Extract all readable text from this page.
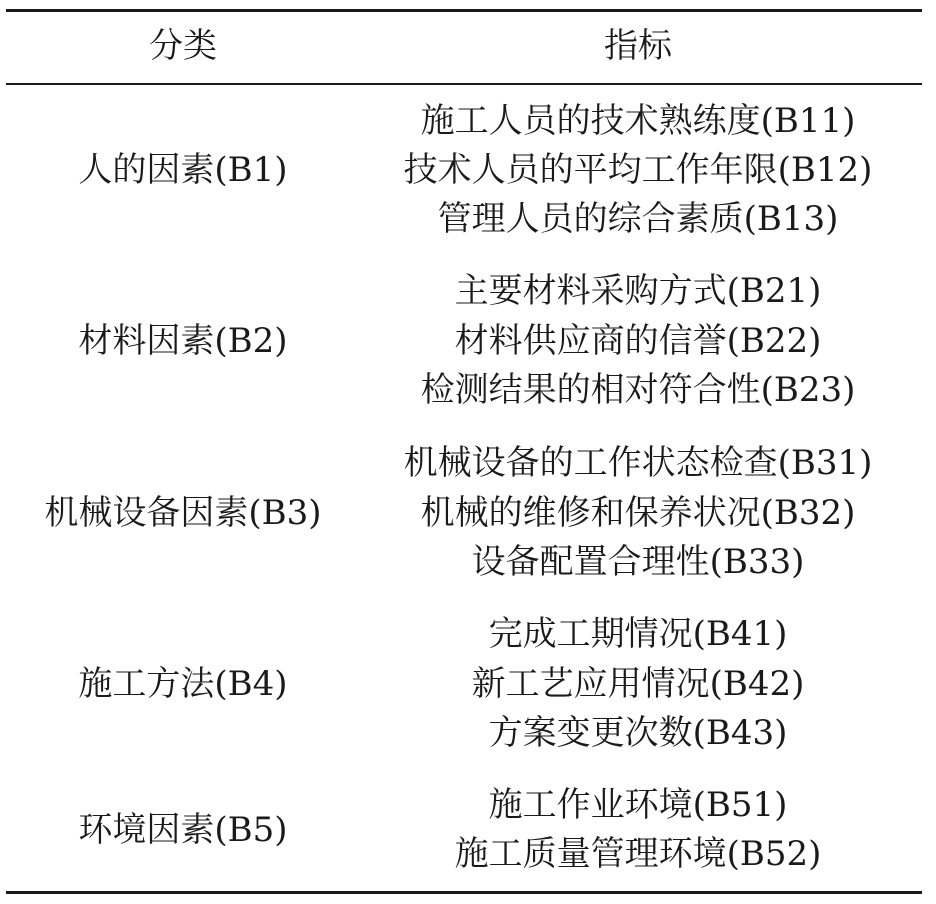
分类	指标
人的因素(B1)
施工人员的技术熟练度(B11)
技术人员的平均工作年限(B12)
管理人员的综合素质(B13)
材料因素(B2)
主要材料采购方式(B21)
材料供应商的信誉(B22)
检测结果的相对符合性(B23)
机械设备因素(B3)
机械设备的工作状态检查(B31)
机械的维修和保养状况(B32)
设备配置合理性(B33)
施工方法(B4)
完成工期情况(B41)
新工艺应用情况(B42)
方案变更次数(B43)
环境因素(B5)
施工作业环境(B51)
施工质量管理环境(B52)
